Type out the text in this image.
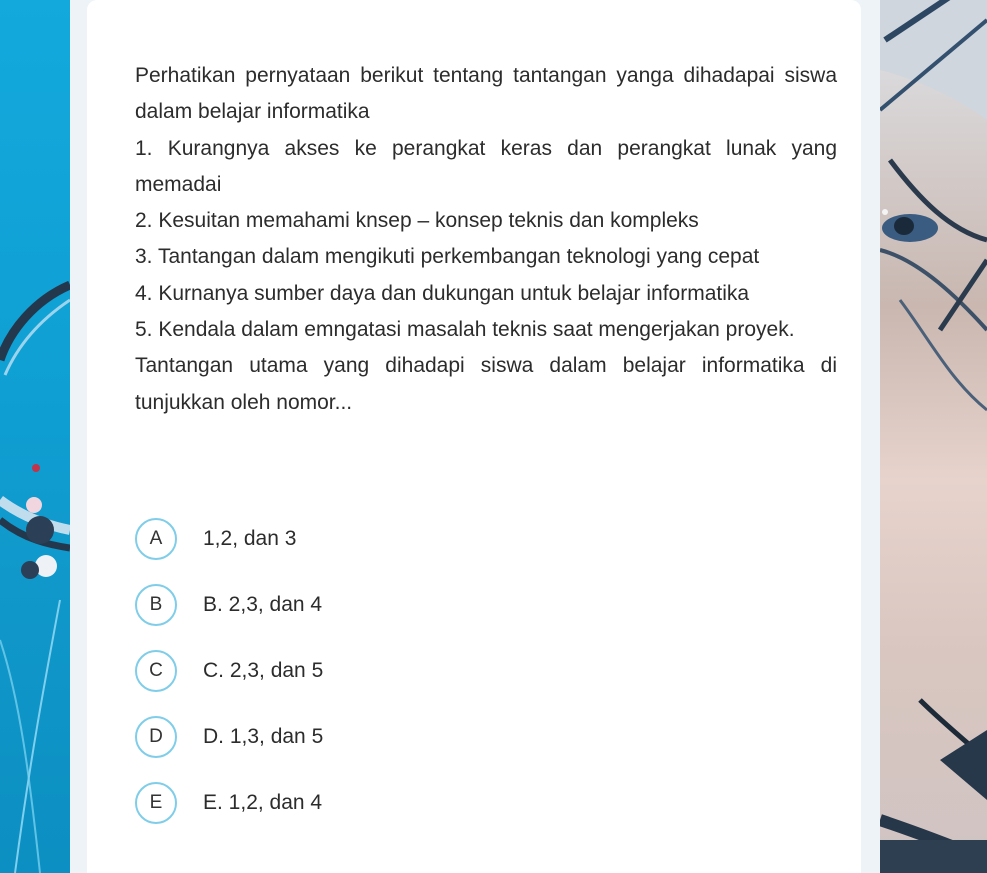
Perhatikan pernyataan berikut tentang tantangan yanga dihadapai siswa dalam belajar informatika

1. Kurangnya akses ke perangkat keras dan perangkat lunak yang memadai

2. Kesuitan memahami knsep – konsep teknis dan kompleks

3. Tantangan dalam mengikuti perkembangan teknologi yang cepat

4. Kurnanya sumber daya dan dukungan untuk belajar informatika

5. Kendala dalam emngatasi masalah teknis saat mengerjakan proyek.

Tantangan utama yang dihadapi siswa dalam belajar informatika di tunjukkan oleh nomor...

A	1,2, dan 3
B	B. 2,3, dan 4
C	C. 2,3, dan 5
D	D. 1,3, dan 5
E	E. 1,2, dan 4
